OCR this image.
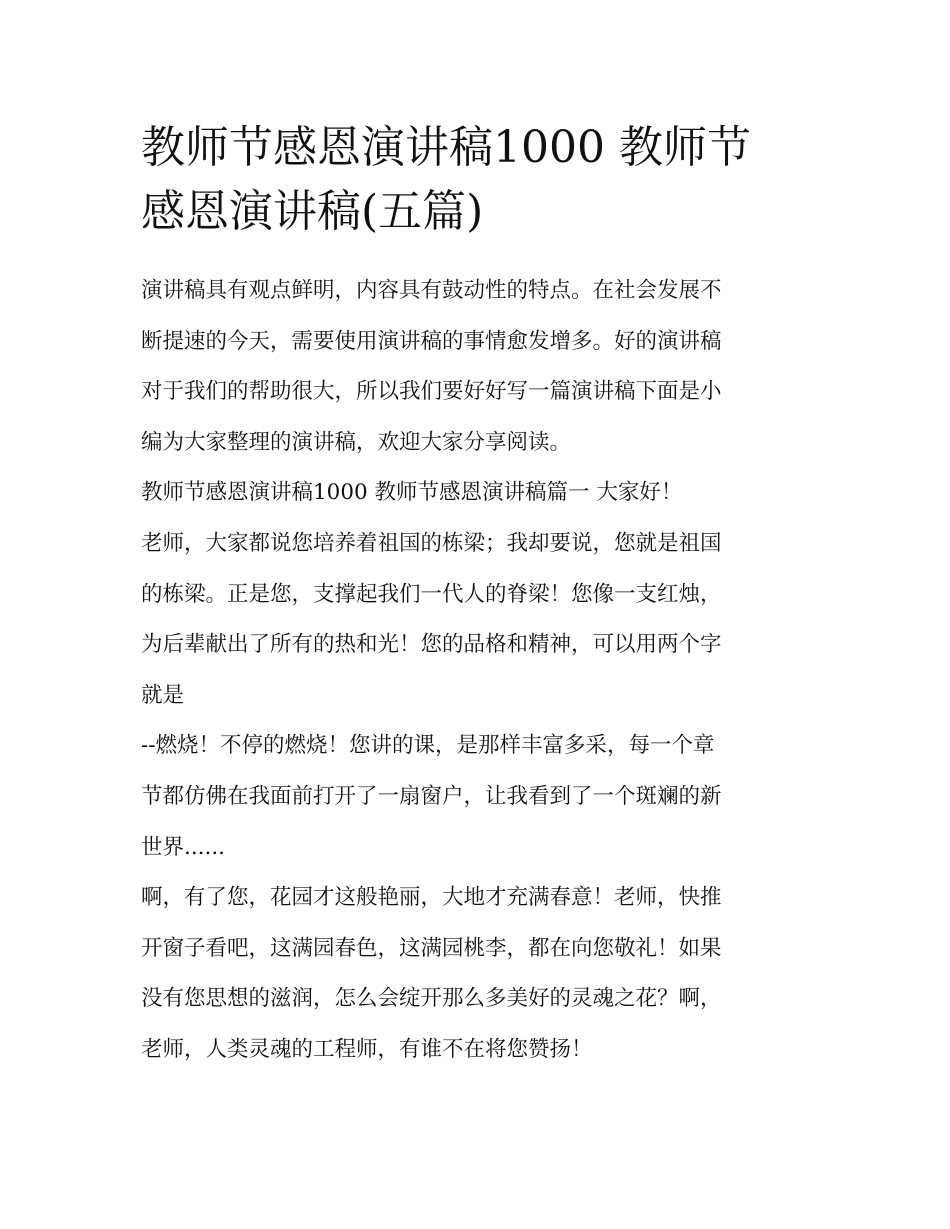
教师节感恩演讲稿1000 教师节
感恩演讲稿(五篇)

演讲稿具有观点鲜明，内容具有鼓动性的特点。在社会发展不
断提速的今天，需要使用演讲稿的事情愈发增多。好的演讲稿
对于我们的帮助很大，所以我们要好好写一篇演讲稿下面是小
编为大家整理的演讲稿，欢迎大家分享阅读。

教师节感恩演讲稿1000 教师节感恩演讲稿篇一 大家好！

老师，大家都说您培养着祖国的栋梁；我却要说，您就是祖国
的栋梁。正是您，支撑起我们一代人的脊梁！您像一支红烛，
为后辈献出了所有的热和光！您的品格和精神，可以用两个字
就是

--燃烧！不停的燃烧！您讲的课，是那样丰富多采，每一个章
节都仿佛在我面前打开了一扇窗户，让我看到了一个斑斓的新
世界......

啊，有了您，花园才这般艳丽，大地才充满春意！老师，快推
开窗子看吧，这满园春色，这满园桃李，都在向您敬礼！如果
没有您思想的滋润，怎么会绽开那么多美好的灵魂之花？啊，
老师，人类灵魂的工程师，有谁不在将您赞扬！
